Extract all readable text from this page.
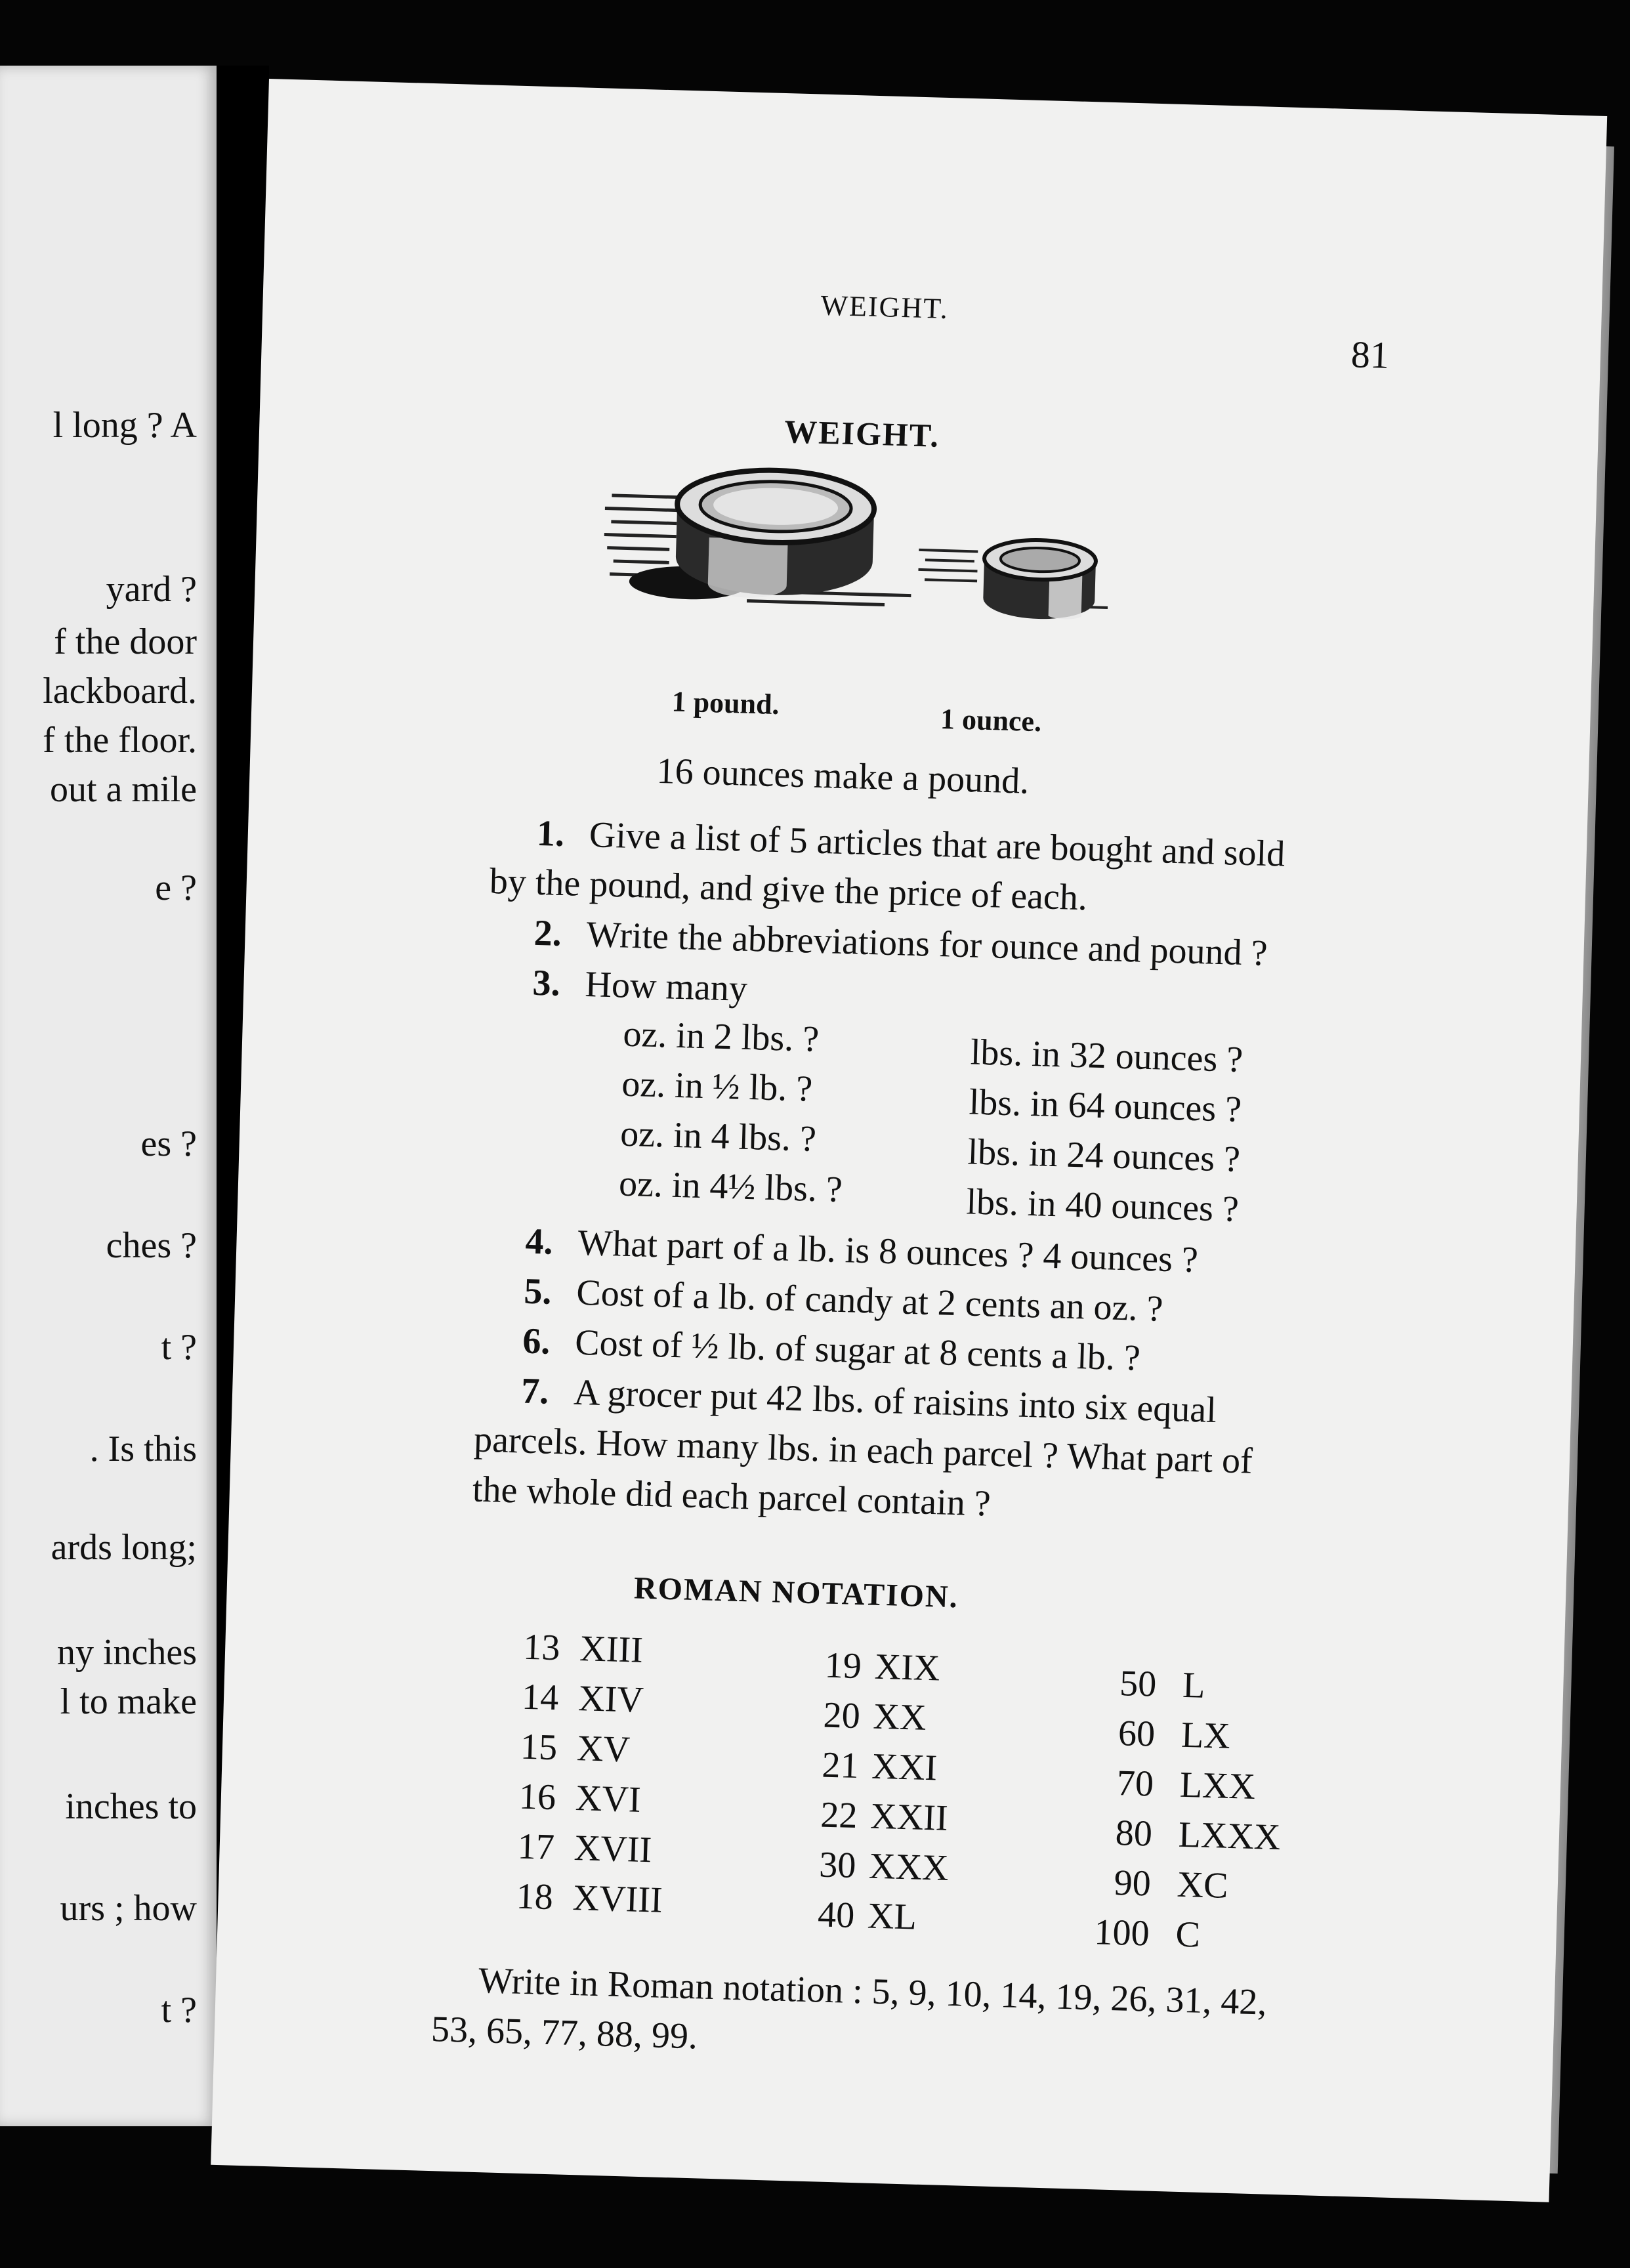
l long ? A
yard ?
f the door
lackboard.
f the floor.
out a mile
e ?
es ?
ches ?
t ?
. Is this
ards long;
ny inches
l to make
inches to
urs ; how
t ?
WEIGHT.
81
WEIGHT.
1 pound.	1 ounce.
16 ounces make a pound.
1. Give a list of 5 articles that are bought and sold
by the pound, and give the price of each.
2. Write the abbreviations for ounce and pound ?
3. How many
oz. in 2 lbs. ?
oz. in ½ lb. ?
oz. in 4 lbs. ?
oz. in 4½ lbs. ?
lbs. in 32 ounces ?
lbs. in 64 ounces ?
lbs. in 24 ounces ?
lbs. in 40 ounces ?
4. What part of a lb. is 8 ounces ? 4 ounces ?
5. Cost of a lb. of candy at 2 cents an oz. ?
6. Cost of ½ lb. of sugar at 8 cents a lb. ?
7. A grocer put 42 lbs. of raisins into six equal
parcels. How many lbs. in each parcel ? What part of
the whole did each parcel contain ?
ROMAN NOTATION.
13 XIII
14 XIV
15 XV
16 XVI
17 XVII
18 XVIII
19 XIX
20 XX
21 XXI
22 XXII
30 XXX
40 XL
50 L
60 LX
70 LXX
80 LXXX
90 XC
100 C
Write in Roman notation : 5, 9, 10, 14, 19, 26, 31, 42,
53, 65, 77, 88, 99.
